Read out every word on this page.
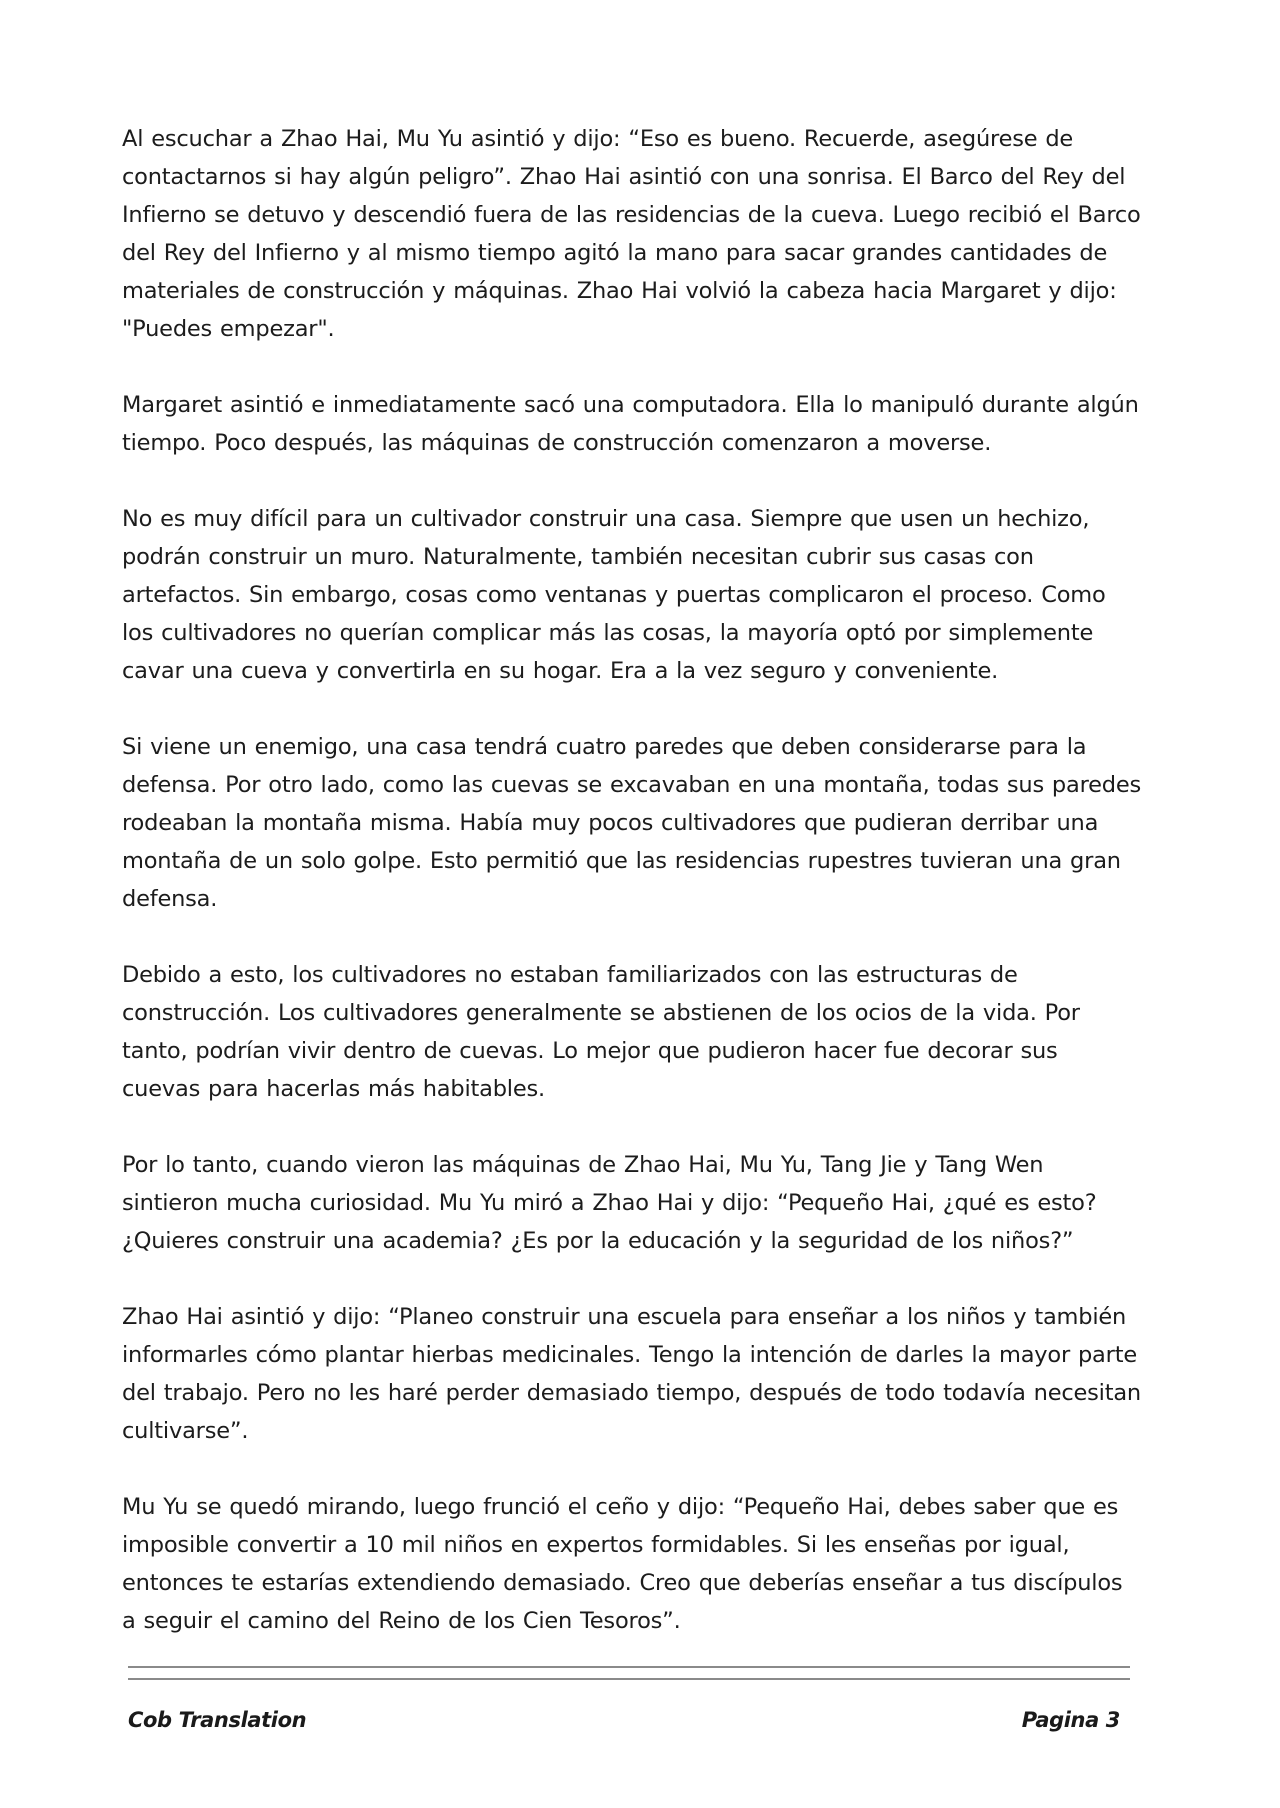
Al escuchar a Zhao Hai, Mu Yu asintió y dijo: “Eso es bueno. Recuerde, asegúrese de contactarnos si hay algún peligro”. Zhao Hai asintió con una sonrisa. El Barco del Rey del Infierno se detuvo y descendió fuera de las residencias de la cueva. Luego recibió el Barco del Rey del Infierno y al mismo tiempo agitó la mano para sacar grandes cantidades de materiales de construcción y máquinas. Zhao Hai volvió la cabeza hacia Margaret y dijo: "Puedes empezar".

Margaret asintió e inmediatamente sacó una computadora. Ella lo manipuló durante algún tiempo. Poco después, las máquinas de construcción comenzaron a moverse.

No es muy difícil para un cultivador construir una casa. Siempre que usen un hechizo, podrán construir un muro. Naturalmente, también necesitan cubrir sus casas con artefactos. Sin embargo, cosas como ventanas y puertas complicaron el proceso. Como los cultivadores no querían complicar más las cosas, la mayoría optó por simplemente cavar una cueva y convertirla en su hogar. Era a la vez seguro y conveniente.

Si viene un enemigo, una casa tendrá cuatro paredes que deben considerarse para la defensa. Por otro lado, como las cuevas se excavaban en una montaña, todas sus paredes rodeaban la montaña misma. Había muy pocos cultivadores que pudieran derribar una montaña de un solo golpe. Esto permitió que las residencias rupestres tuvieran una gran defensa.

Debido a esto, los cultivadores no estaban familiarizados con las estructuras de construcción. Los cultivadores generalmente se abstienen de los ocios de la vida. Por tanto, podrían vivir dentro de cuevas. Lo mejor que pudieron hacer fue decorar sus cuevas para hacerlas más habitables.

Por lo tanto, cuando vieron las máquinas de Zhao Hai, Mu Yu, Tang Jie y Tang Wen sintieron mucha curiosidad. Mu Yu miró a Zhao Hai y dijo: “Pequeño Hai, ¿qué es esto? ¿Quieres construir una academia? ¿Es por la educación y la seguridad de los niños?”

Zhao Hai asintió y dijo: “Planeo construir una escuela para enseñar a los niños y también informarles cómo plantar hierbas medicinales. Tengo la intención de darles la mayor parte del trabajo. Pero no les haré perder demasiado tiempo, después de todo todavía necesitan cultivarse”.

Mu Yu se quedó mirando, luego frunció el ceño y dijo: “Pequeño Hai, debes saber que es imposible convertir a 10 mil niños en expertos formidables. Si les enseñas por igual, entonces te estarías extendiendo demasiado. Creo que deberías enseñar a tus discípulos a seguir el camino del Reino de los Cien Tesoros”.

Cob Translation	Pagina 3
